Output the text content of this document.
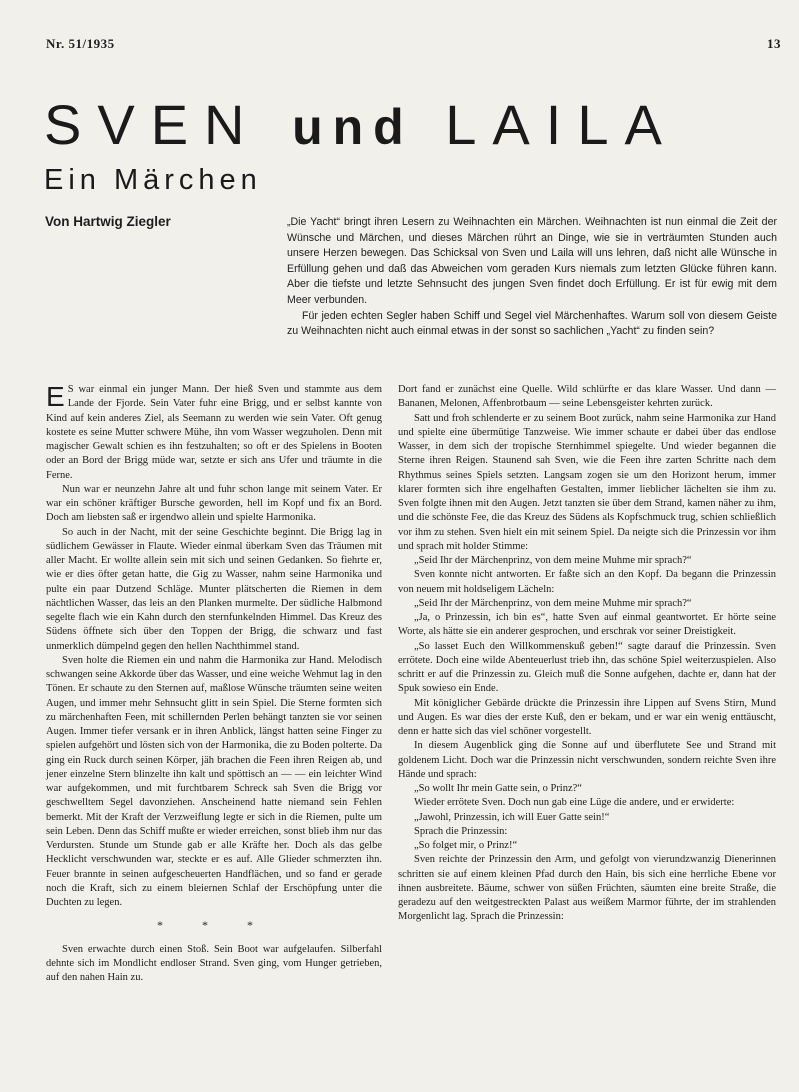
Nr. 51/1935	13
SVEN und LAILA
Ein Märchen
Von Hartwig Ziegler	„Die Yacht“ bringt ihren Lesern zu Weihnachten ein Märchen. Weihnachten ist nun einmal die Zeit der Wünsche und Märchen, und dieses Märchen rührt an Dinge, wie sie in verträumten Stunden auch unsere Herzen bewegen. Das Schicksal von Sven und Laila will uns lehren, daß nicht alle Wünsche in Erfüllung gehen und daß das Abweichen vom geraden Kurs niemals zum letzten Glücke führen kann. Aber die tiefste und letzte Sehnsucht des jungen Sven findet doch Erfüllung. Er ist für ewig mit dem Meer verbunden.

Für jeden echten Segler haben Schiff und Segel viel Märchenhaftes. Warum soll von diesem Geiste zu Weihnachten nicht auch einmal etwas in der sonst so sachlichen „Yacht“ zu finden sein?

E S war einmal ein junger Mann. Der hieß Sven und stammte aus dem Lande der Fjorde. Sein Vater fuhr eine Brigg, und er selbst kannte von Kind auf kein anderes Ziel, als Seemann zu werden wie sein Vater. Oft genug kostete es seine Mutter schwere Mühe, ihn vom Wasser wegzuholen. Denn mit magischer Gewalt schien es ihn festzuhalten; so oft er des Spielens in Booten oder an Bord der Brigg müde war, setzte er sich ans Ufer und träumte in die Ferne.

Nun war er neunzehn Jahre alt und fuhr schon lange mit seinem Vater. Er war ein schöner kräftiger Bursche geworden, hell im Kopf und fix an Bord. Doch am liebsten saß er irgendwo allein und spielte Harmonika.

So auch in der Nacht, mit der seine Geschichte beginnt. Die Brigg lag in südlichem Gewässer in Flaute. Wieder einmal überkam Sven das Träumen mit aller Macht. Er wollte allein sein mit sich und seinen Gedanken. So fiehrte er, wie er dies öfter getan hatte, die Gig zu Wasser, nahm seine Harmonika und pulte ein paar Dutzend Schläge. Munter plätscherten die Riemen in dem nächtlichen Wasser, das leis an den Planken murmelte. Der südliche Halbmond segelte flach wie ein Kahn durch den sternfunkelnden Himmel. Das Kreuz des Südens öffnete sich über den Toppen der Brigg, die schwarz und fast unmerklich dümpelnd gegen den hellen Nachthimmel stand.

Sven holte die Riemen ein und nahm die Harmonika zur Hand. Melodisch schwangen seine Akkorde über das Wasser, und eine weiche Wehmut lag in den Tönen. Er schaute zu den Sternen auf, maßlose Wünsche träumten seine weiten Augen, und immer mehr Sehnsucht glitt in sein Spiel. Die Sterne formten sich zu märchenhaften Feen, mit schillernden Perlen behängt tanzten sie vor seinen Augen. Immer tiefer versank er in ihren Anblick, längst hatten seine Finger zu spielen aufgehört und lösten sich von der Harmonika, die zu Boden polterte. Da ging ein Ruck durch seinen Körper, jäh brachen die Feen ihren Reigen ab, und jener einzelne Stern blinzelte ihn kalt und spöttisch an — — ein leichter Wind war aufgekommen, und mit furchtbarem Schreck sah Sven die Brigg vor geschwelltem Segel davonziehen. Anscheinend hatte niemand sein Fehlen bemerkt. Mit der Kraft der Verzweiflung legte er sich in die Riemen, pulte um sein Leben. Denn das Schiff mußte er wieder erreichen, sonst blieb ihm nur das Verdursten. Stunde um Stunde gab er alle Kräfte her. Doch als das gelbe Hecklicht verschwunden war, steckte er es auf. Alle Glieder schmerzten ihn. Feuer brannte in seinen aufgescheuerten Handflächen, und so fand er gerade noch die Kraft, sich zu einem bleiernen Schlaf der Erschöpfung unter die Duchten zu legen.

* * *

Sven erwachte durch einen Stoß. Sein Boot war aufgelaufen. Silberfahl dehnte sich im Mondlicht endloser Strand. Sven ging, vom Hunger getrieben, auf den nahen Hain zu.

Dort fand er zunächst eine Quelle. Wild schlürfte er das klare Wasser. Und dann — Bananen, Melonen, Affenbrotbaum — seine Lebensgeister kehrten zurück.

Satt und froh schlenderte er zu seinem Boot zurück, nahm seine Harmonika zur Hand und spielte eine übermütige Tanzweise. Wie immer schaute er dabei über das endlose Wasser, in dem sich der tropische Sternhimmel spiegelte. Und wieder begannen die Sterne ihren Reigen. Staunend sah Sven, wie die Feen ihre zarten Schritte nach dem Rhythmus seines Spiels setzten. Langsam zogen sie um den Horizont herum, immer klarer formten sich ihre engelhaften Gestalten, immer lieblicher lächelten sie ihm zu. Sven folgte ihnen mit den Augen. Jetzt tanzten sie über dem Strand, kamen näher zu ihm, und die schönste Fee, die das Kreuz des Südens als Kopfschmuck trug, schien schließlich vor ihm zu stehen. Sven hielt ein mit seinem Spiel. Da neigte sich die Prinzessin vor ihm und sprach mit holder Stimme:

„Seid Ihr der Märchenprinz, von dem meine Muhme mir sprach?“

Sven konnte nicht antworten. Er faßte sich an den Kopf. Da begann die Prinzessin von neuem mit holdseligem Lächeln:

„Seid Ihr der Märchenprinz, von dem meine Muhme mir sprach?“

„Ja, o Prinzessin, ich bin es“, hatte Sven auf einmal geantwortet. Er hörte seine Worte, als hätte sie ein anderer gesprochen, und erschrak vor seiner Dreistigkeit.

„So lasset Euch den Willkommenskuß geben!“ sagte darauf die Prinzessin. Sven errötete. Doch eine wilde Abenteuerlust trieb ihn, das schöne Spiel weiterzuspielen. Also schritt er auf die Prinzessin zu. Gleich muß die Sonne aufgehen, dachte er, dann hat der Spuk sowieso ein Ende.

Mit königlicher Gebärde drückte die Prinzessin ihre Lippen auf Svens Stirn, Mund und Augen. Es war dies der erste Kuß, den er bekam, und er war ein wenig enttäuscht, denn er hatte sich das viel schöner vorgestellt.

In diesem Augenblick ging die Sonne auf und überflutete See und Strand mit goldenem Licht. Doch war die Prinzessin nicht verschwunden, sondern reichte Sven ihre Hände und sprach:

„So wollt Ihr mein Gatte sein, o Prinz?“

Wieder errötete Sven. Doch nun gab eine Lüge die andere, und er erwiderte:

„Jawohl, Prinzessin, ich will Euer Gatte sein!“

Sprach die Prinzessin:

„So folget mir, o Prinz!“

Sven reichte der Prinzessin den Arm, und gefolgt von vierundzwanzig Dienerinnen schritten sie auf einem kleinen Pfad durch den Hain, bis sich eine herrliche Ebene vor ihnen ausbreitete. Bäume, schwer von süßen Früchten, säumten eine breite Straße, die geradezu auf den weitgestreckten Palast aus weißem Marmor führte, der im strahlenden Morgenlicht lag. Sprach die Prinzessin:
